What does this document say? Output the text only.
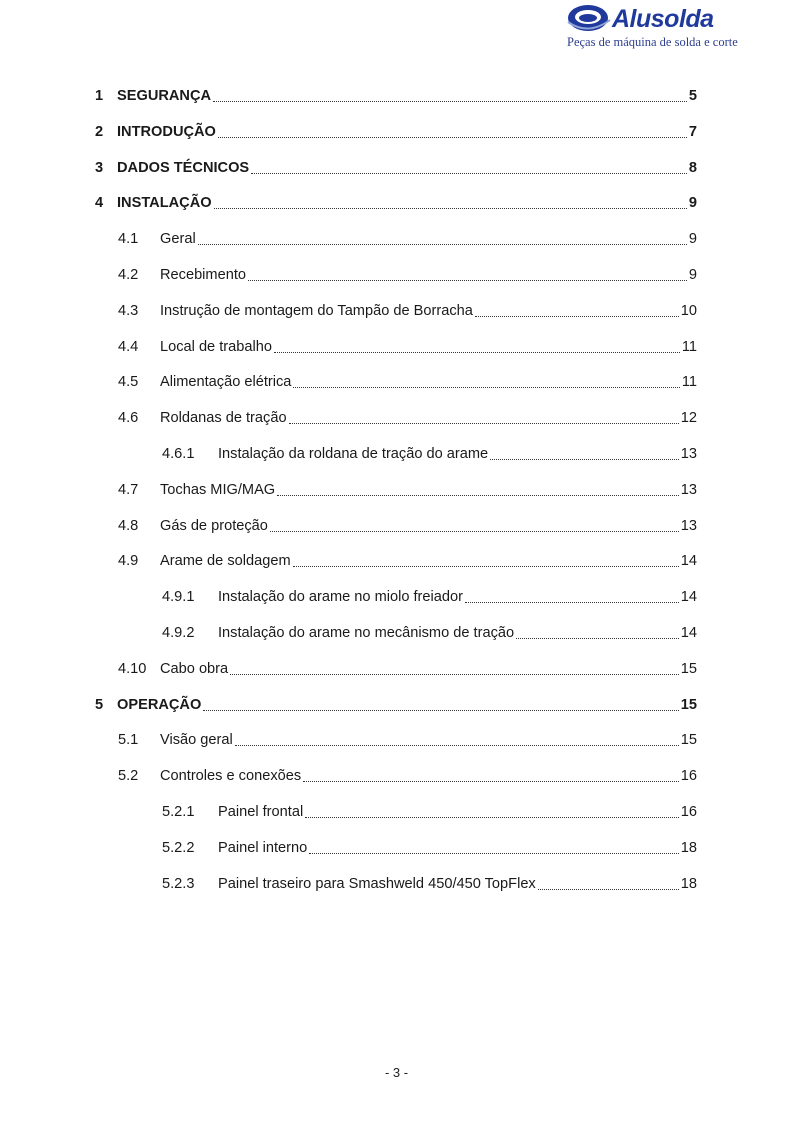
Alusolda
Peças de máquina de solda e corte
1 SEGURANÇA	5
2 INTRODUÇÃO	7
3 DADOS TÉCNICOS	8
4 INSTALAÇÃO	9
4.1	Geral	9
4.2	Recebimento	9
4.3	Instrução de montagem do Tampão de Borracha	10
4.4	Local de trabalho	11
4.5	Alimentação elétrica	11
4.6	Roldanas de tração	12
4.6.1	Instalação da roldana de tração do arame	13
4.7	Tochas MIG/MAG	13
4.8	Gás de proteção	13
4.9	Arame de soldagem	14
4.9.1	Instalação do arame no miolo freiador	14
4.9.2	Instalação do arame no mecânismo de tração	14
4.10 Cabo obra	15
5 OPERAÇÃO	15
5.1	Visão geral	15
5.2	Controles e conexões	16
5.2.1	Painel frontal	16
5.2.2	Painel interno	18
5.2.3	Painel traseiro para Smashweld 450/450 TopFlex	18
- 3 -
